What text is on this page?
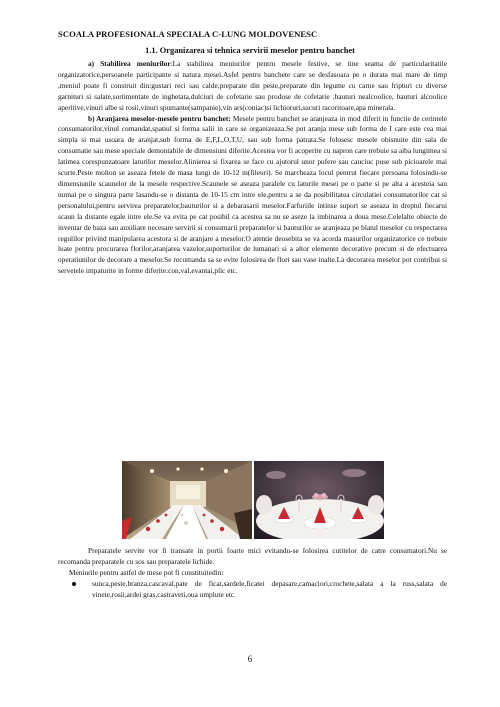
SCOALA PROFESIONALA SPECIALA C-LUNG MOLDOVENESC
1.1. Organizarea si tehnica servirii meselor pentru banchet

a) Stabilirea meniurilor:La stabilirea meniurilor pentru mesele festive, se tine seama de particularitatile organizatorice,persoanele participante si natura mesei.Asfel pentru banchete care se desfasoara pe o durata mai mare de timp ,meniul poate fi construit din:gustari reci sau calde,preparate din peste,preparate din legume cu carne sau fripturi cu diverse garnituri si salate,sortimentate de inghetata,dulciuri de cofetarie sau produse de cofetarie ,bauturi nealcoolice, bauturi alcoolice aperitive,vinuri albe si rosii,vinuri spumante(sampanie),vin ars(coniac)si lichioruri,sucuri racoritoare,apa minerala.

b) Aranjarea meselor-mesele pentru banchet: Mesele pentru banchet se aranjeaza in mod diferit in functie de cerintele consumatorilor,vinul comandat,spatiul si forma salii in care se organizeaza.Se pot aranja mese sub forma de I care este cea mai simpla si mai usoara de aranjat,sub forma de E,F,L,O,T,U, sau sub forma patrata.Se folosesc mesele obisnuite din sala de consumatie sau mese speciale demontabile de dimensiuni diferite.Acestea vor fi acoperite cu napron care trebuie sa aiba lungimea si latimea corespunzatoare laturilor meselor.Alinierea si fixarea se face cu ajutorul unor pufere sau cauciuc puse sub picioarele mai scurte.Peste molton se aseaza fetele de masa lungi de 10-12 m(fileuri). Se marcheaza locul pentrut fiecare persoana folosindu-se dimensiunile scaunelor de la mesele respective.Scaunele se aseaza paralele cu laturile mesei pe o parte si pe alta a acesteia sau numai pe o singura parte lasandu-se o distanta de 10-15 cm intre ele,pentru a se da posibilitatea circulatiei consumatorilor cat si personalului,pentru servirea preparatelor,bauturilor si a debarasarii meselor.Farfuriile intinse suport se aseaza in dreptul fiecarui scaun la distante egale intre ele.Se va evita pe cat posibil ca acestea sa nu se aseze la imbinarea a doua mese.Celelalte obiecte de inventar de baza sau auxiliare necesare servirii si consumarii preparatelor si bauturilor se aranjeaza pe blatul meselor cu respectarea regulilor privind manipularea acestora si de aranjare a meselor.O atentie deosebita se va acorda masurilor organizatorice ce trebuie luate pentru procurarea florilor,aranjarea vazelor,suporturilor de lumanari si a altor elemente decorative precum si de efectuarea operatiunilor de decorare a meselor.Se recomanda sa se evite folosirea de flori sau vase inalte.La decorarea meselor pot contribui si servetele impaturite in forme diferite:con,val,evantai,plic etc.

Preparatele servite vor fi transate in portii foarte mici evitandu-se folosirea cutitelor de catre consumatori.Nu se recomanda preparatele cu sos sau preparatele lichide.

Meniurile pentru astfel de mese pot fi constituitedin:

sunca,peste,branza,cascaval,pate de ficat,sardele,ficatei depasare,camaciori,crochete,salata a la russ,salata de vinete,rosii,ardei gras,castraveti,oua umplute etc.
6
